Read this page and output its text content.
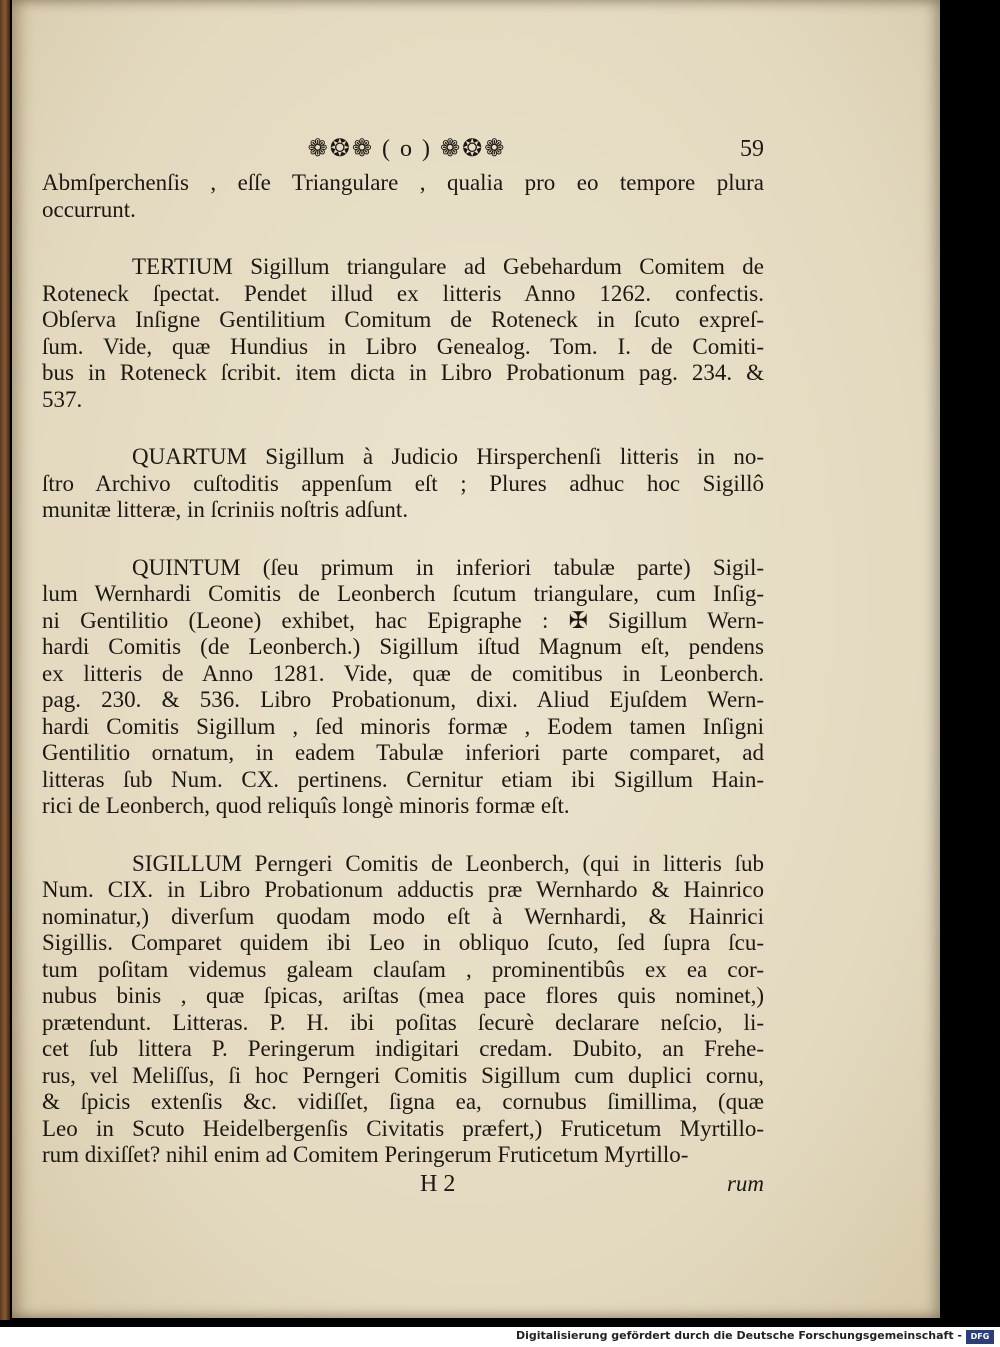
❁❂❁ ( o ) ❁❂❁	59
Abmſperchenſis , eſſe Triangulare , qualia pro eo tempore plura
occurrunt.
TERTIUM Sigillum triangulare ad Gebehardum Comitem de
Roteneck ſpectat. Pendet illud ex litteris Anno 1262. confectis.
Obſerva Inſigne Gentilitium Comitum de Roteneck in ſcuto expreſ-
ſum. Vide, quæ Hundius in Libro Genealog. Tom. I. de Comiti-
bus in Roteneck ſcribit. item dicta in Libro Probationum pag. 234. &
537.
QUARTUM Sigillum à Judicio Hirsperchenſi litteris in no-
ſtro Archivo cuſtoditis appenſum eſt ; Plures adhuc hoc Sigillô
munitæ litteræ, in ſcriniis noſtris adſunt.
QUINTUM (ſeu primum in inferiori tabulæ parte) Sigil-
lum Wernhardi Comitis de Leonberch ſcutum triangulare, cum Inſig-
ni Gentilitio (Leone) exhibet, hac Epigraphe : ✠ Sigillum Wern-
hardi Comitis (de Leonberch.) Sigillum iſtud Magnum eſt, pendens
ex litteris de Anno 1281. Vide, quæ de comitibus in Leonberch.
pag. 230. & 536. Libro Probationum, dixi. Aliud Ejuſdem Wern-
hardi Comitis Sigillum , ſed minoris formæ , Eodem tamen Inſigni
Gentilitio ornatum, in eadem Tabulæ inferiori parte comparet, ad
litteras ſub Num. CX. pertinens. Cernitur etiam ibi Sigillum Hain-
rici de Leonberch, quod reliquîs longè minoris formæ eſt.
SIGILLUM Perngeri Comitis de Leonberch, (qui in litteris ſub
Num. CIX. in Libro Probationum adductis præ Wernhardo & Hainrico
nominatur,) diverſum quodam modo eſt à Wernhardi, & Hainrici
Sigillis. Comparet quidem ibi Leo in obliquo ſcuto, ſed ſupra ſcu-
tum poſitam videmus galeam clauſam , prominentibûs ex ea cor-
nubus binis , quæ ſpicas, ariſtas (mea pace flores quis nominet,)
prætendunt. Litteras. P. H. ibi poſitas ſecurè declarare neſcio, li-
cet ſub littera P. Peringerum indigitari credam. Dubito, an Frehe-
rus, vel Meliſſus, ſi hoc Perngeri Comitis Sigillum cum duplici cornu,
& ſpicis extenſis &c. vidiſſet, ſigna ea, cornubus ſimillima, (quæ
Leo in Scuto Heidelbergenſis Civitatis præfert,) Fruticetum Myrtillo-
rum dixiſſet? nihil enim ad Comitem Peringerum Fruticetum Myrtillo-
H 2	rum
Digitalisierung gefördert durch die Deutsche Forschungsgemeinschaft -	DFG
